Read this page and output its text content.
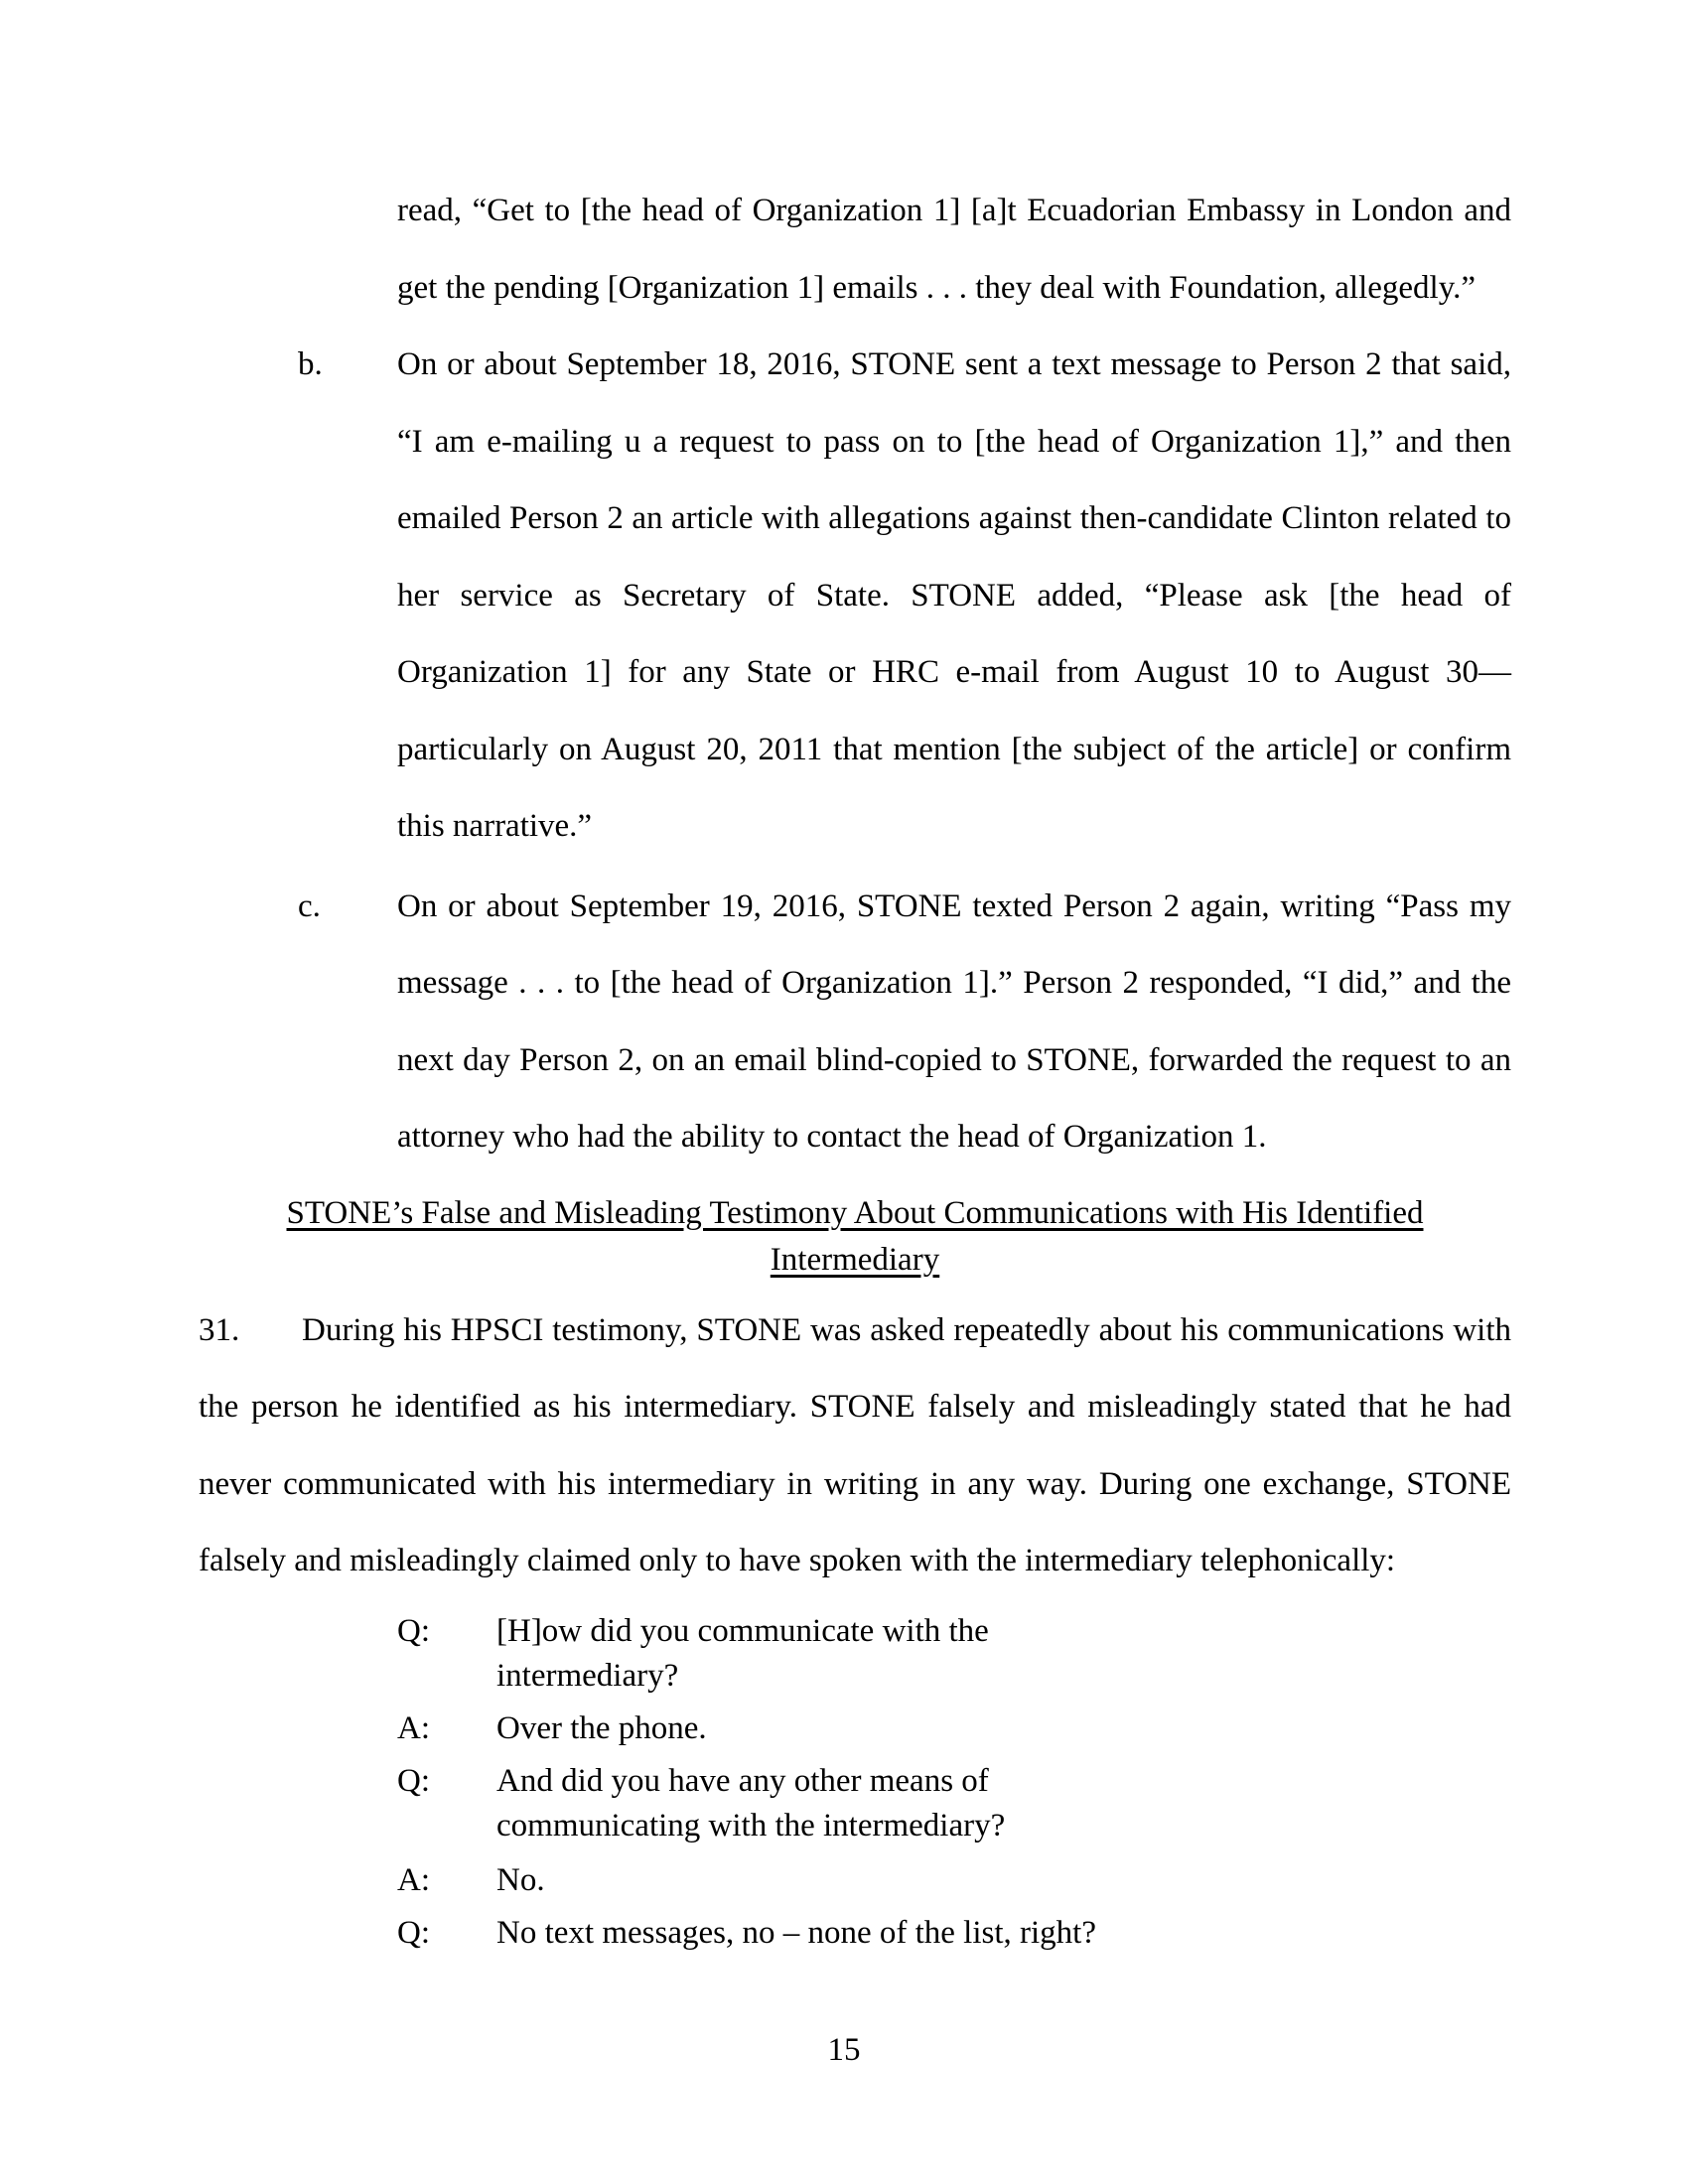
read, “Get to [the head of Organization 1] [a]t Ecuadorian Embassy in London and get the pending [Organization 1] emails . . . they deal with Foundation, allegedly.”
b. On or about September 18, 2016, STONE sent a text message to Person 2 that said, “I am e-mailing u a request to pass on to [the head of Organization 1],” and then emailed Person 2 an article with allegations against then-candidate Clinton related to her service as Secretary of State. STONE added, “Please ask [the head of Organization 1] for any State or HRC e-mail from August 10 to August 30—particularly on August 20, 2011 that mention [the subject of the article] or confirm this narrative.”
c. On or about September 19, 2016, STONE texted Person 2 again, writing “Pass my message . . . to [the head of Organization 1].” Person 2 responded, “I did,” and the next day Person 2, on an email blind-copied to STONE, forwarded the request to an attorney who had the ability to contact the head of Organization 1.
STONE’s False and Misleading Testimony About Communications with His Identified Intermediary
31. During his HPSCI testimony, STONE was asked repeatedly about his communications with the person he identified as his intermediary. STONE falsely and misleadingly stated that he had never communicated with his intermediary in writing in any way. During one exchange, STONE falsely and misleadingly claimed only to have spoken with the intermediary telephonically:
Q: [H]ow did you communicate with the intermediary?
A: Over the phone.
Q: And did you have any other means of communicating with the intermediary?
A: No.
Q: No text messages, no – none of the list, right?
15
